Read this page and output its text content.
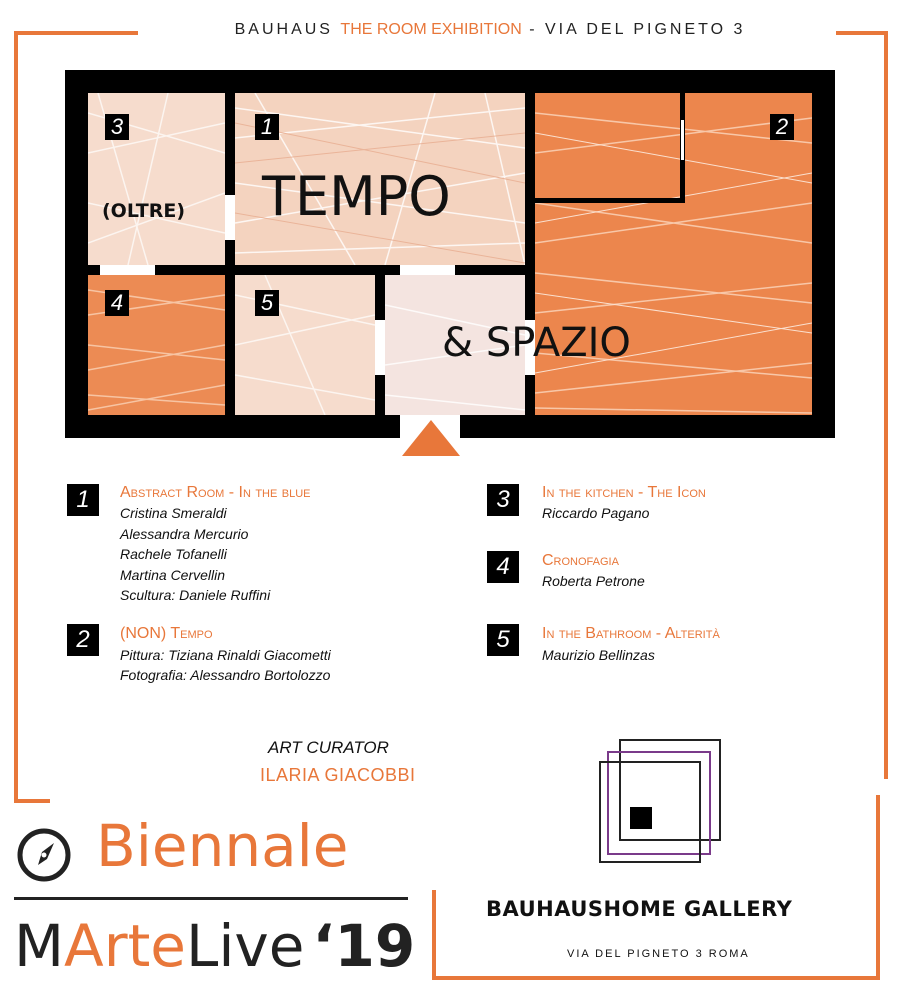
BAUHAUS THE ROOM EXHIBITION - VIA DEL PIGNETO 3
3	1	2
4	5
(OLTRE) TEMPO
& SPAZIO
1	Abstract Room - In the blue
Cristina Smeraldi
Alessandra Mercurio
Rachele Tofanelli
Martina Cervellin
Scultura: Daniele Ruffini
2	(NON) Tempo
Pittura: Tiziana Rinaldi Giacometti
Fotografia: Alessandro Bortolozzo
3	In the kitchen - The Icon
Riccardo Pagano
4	Cronofagia
Roberta Petrone
5	In the Bathroom - Alterità
Maurizio Bellinzas
ART CURATOR
ILARIA GIACOBBI
Biennale
MArteLive ‘19
BAUHAUSHOME GALLERY
VIA DEL PIGNETO 3 ROMA
